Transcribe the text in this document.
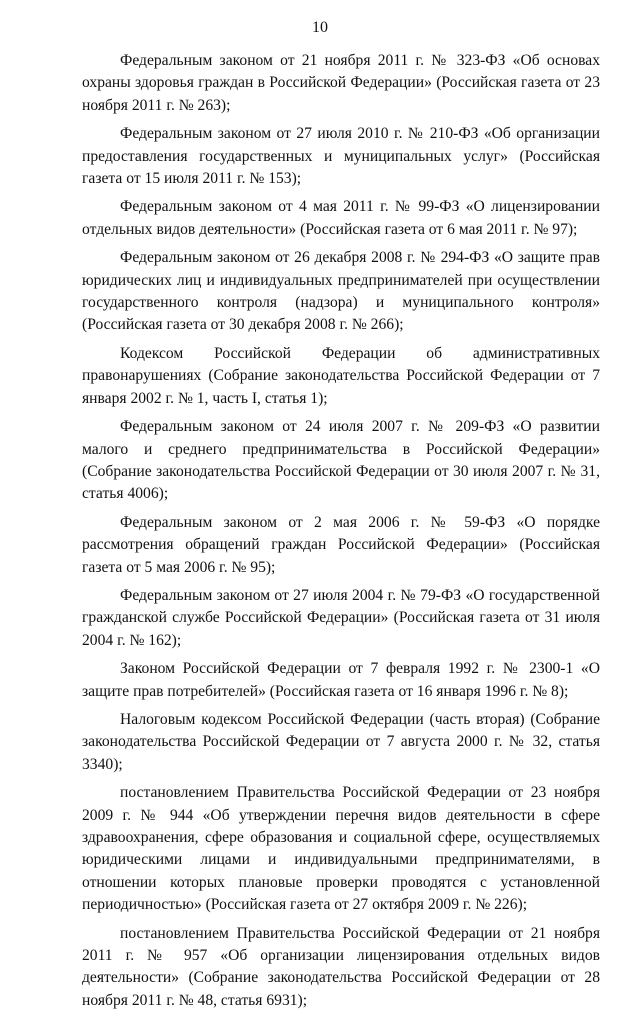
10

Федеральным законом от 21 ноября 2011 г. № 323-ФЗ «Об основах охраны здоровья граждан в Российской Федерации» (Российская газета от 23 ноября 2011 г. № 263);

Федеральным законом от 27 июля 2010 г. № 210-ФЗ «Об организации предоставления государственных и муниципальных услуг» (Российская газета от 15 июля 2011 г. № 153);

Федеральным законом от 4 мая 2011 г. № 99-ФЗ «О лицензировании отдельных видов деятельности» (Российская газета от 6 мая 2011 г. № 97);

Федеральным законом от 26 декабря 2008 г. № 294-ФЗ «О защите прав юридических лиц и индивидуальных предпринимателей при осуществлении государственного контроля (надзора) и муниципального контроля» (Российская газета от 30 декабря 2008 г. № 266);

Кодексом Российской Федерации об административных правонарушениях (Собрание законодательства Российской Федерации от 7 января 2002 г. № 1, часть I, статья 1);

Федеральным законом от 24 июля 2007 г. № 209-ФЗ «О развитии малого и среднего предпринимательства в Российской Федерации» (Собрание законодательства Российской Федерации от 30 июля 2007 г. № 31, статья 4006);

Федеральным законом от 2 мая 2006 г. № 59-ФЗ «О порядке рассмотрения обращений граждан Российской Федерации» (Российская газета от 5 мая 2006 г. № 95);

Федеральным законом от 27 июля 2004 г. № 79-ФЗ «О государственной гражданской службе Российской Федерации» (Российская газета от 31 июля 2004 г. № 162);

Законом Российской Федерации от 7 февраля 1992 г. № 2300-1 «О защите прав потребителей» (Российская газета от 16 января 1996 г. № 8);

Налоговым кодексом Российской Федерации (часть вторая) (Собрание законодательства Российской Федерации от 7 августа 2000 г. № 32, статья 3340);

постановлением Правительства Российской Федерации от 23 ноября 2009 г. № 944 «Об утверждении перечня видов деятельности в сфере здравоохранения, сфере образования и социальной сфере, осуществляемых юридическими лицами и индивидуальными предпринимателями, в отношении которых плановые проверки проводятся с установленной периодичностью» (Российская газета от 27 октября 2009 г. № 226);

постановлением Правительства Российской Федерации от 21 ноября 2011 г. № 957 «Об организации лицензирования отдельных видов деятельности» (Собрание законодательства Российской Федерации от 28 ноября 2011 г. № 48, статья 6931);
